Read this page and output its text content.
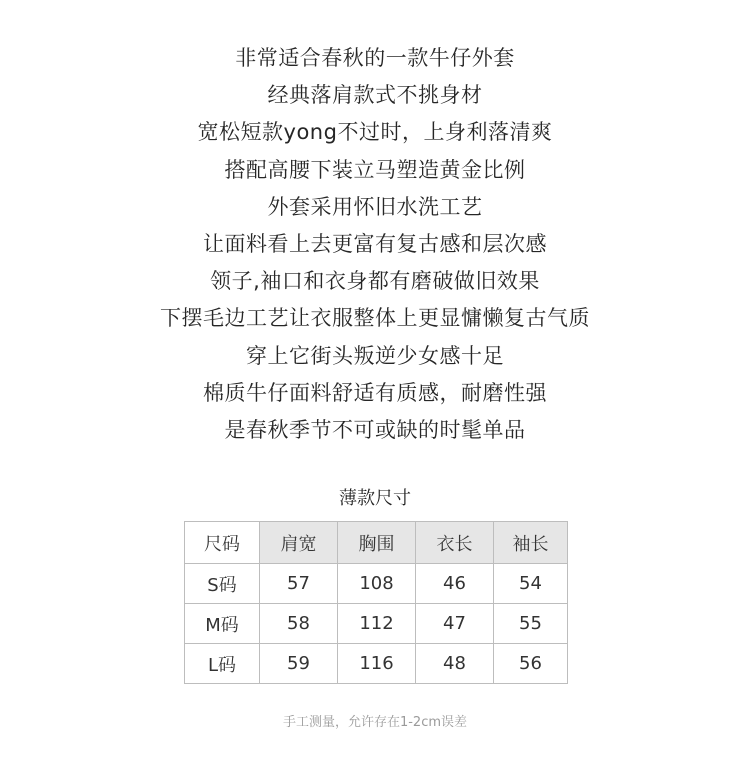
非常适合春秋的一款牛仔外套
经典落肩款式不挑身材
宽松短款yong不过时，上身利落清爽
搭配高腰下装立马塑造黄金比例
外套采用怀旧水洗工艺
让面料看上去更富有复古感和层次感
领子,袖口和衣身都有磨破做旧效果
下摆毛边工艺让衣服整体上更显慵懒复古气质
穿上它街头叛逆少女感十足
棉质牛仔面料舒适有质感，耐磨性强
是春秋季节不可或缺的时髦单品
薄款尺寸
尺码	肩宽	胸围	衣长	袖长
S码	57	108	46	54
M码	58	112	47	55
L码	59	116	48	56
手工测量，允许存在1-2cm误差
